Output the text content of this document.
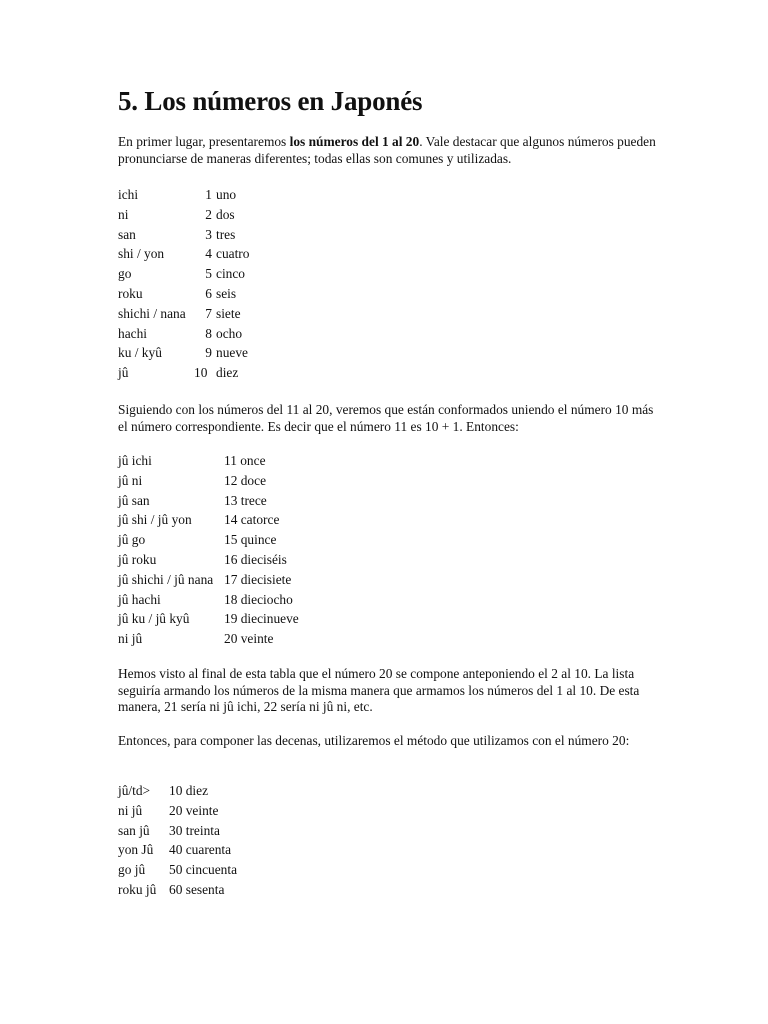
5. Los números en Japonés

En primer lugar, presentaremos los números del 1 al 20. Vale destacar que algunos números pueden pronunciarse de maneras diferentes; todas ellas son comunes y utilizadas.

ichi	1	uno
ni	2	dos
san	3	tres
shi / yon	4	cuatro
go	5	cinco
roku	6	seis
shichi / nana	7	siete
hachi	8	ocho
ku / kyû	9	nueve
jû	10	diez

Siguiendo con los números del 11 al 20, veremos que están conformados uniendo el número 10 más el número correspondiente. Es decir que el número 11 es 10 + 1. Entonces:

jû ichi	11 once
jû ni	12 doce
jû san	13 trece
jû shi / jû yon	14 catorce
jû go	15 quince
jû roku	16 dieciséis
jû shichi / jû nana	17 diecisiete
jû hachi	18 dieciocho
jû ku / jû kyû	19 diecinueve
ni jû	20 veinte

Hemos visto al final de esta tabla que el número 20 se compone anteponiendo el 2 al 10. La lista seguiría armando los números de la misma manera que armamos los números del 1 al 10. De esta manera, 21 sería ni jû ichi, 22 sería ni jû ni, etc.

Entonces, para componer las decenas, utilizaremos el método que utilizamos con el número 20:

jû/td>	10 diez
ni jû	20 veinte
san jû	30 treinta
yon Jû	40 cuarenta
go jû	50 cincuenta
roku jû	60 sesenta
